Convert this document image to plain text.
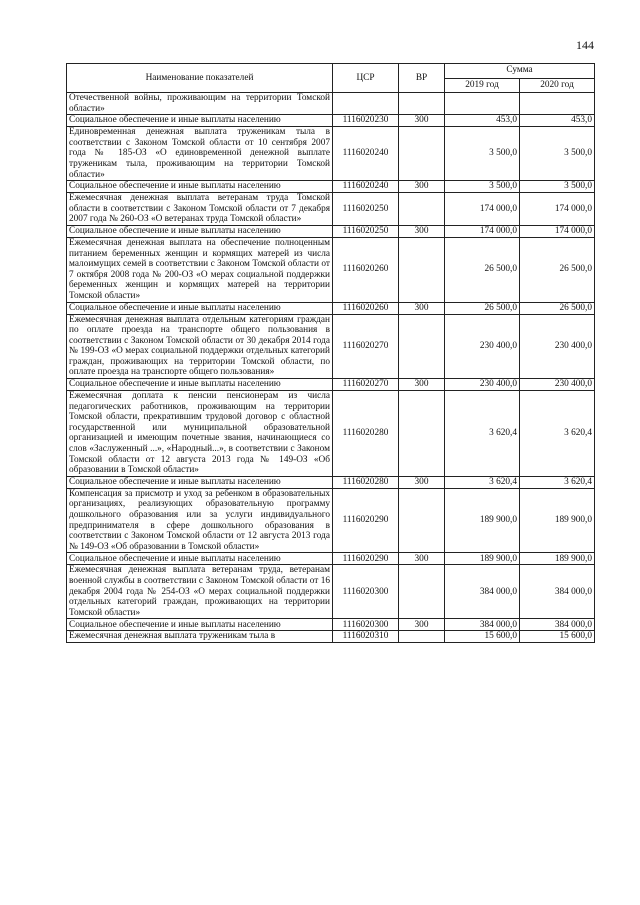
144
Наименование показателей	ЦСР	ВР	Сумма	
			2019 год	2020 год
Отечественной войны, проживающим на территории Томской области»				
Социальное обеспечение и иные выплаты населению	1116020230	300	453,0	453,0
Единовременная денежная выплата труженикам тыла в соответствии с Законом Томской области от 10 сентября 2007 года № 185-ОЗ «О единовременной денежной выплате труженикам тыла, проживающим на территории Томской области»	1116020240		3 500,0	3 500,0
Социальное обеспечение и иные выплаты населению	1116020240	300	3 500,0	3 500,0
Ежемесячная денежная выплата ветеранам труда Томской области в соответствии с Законом Томской области от 7 декабря 2007 года № 260-ОЗ «О ветеранах труда Томской области»	1116020250		174 000,0	174 000,0
Социальное обеспечение и иные выплаты населению	1116020250	300	174 000,0	174 000,0
Ежемесячная денежная выплата на обеспечение полноценным питанием беременных женщин и кормящих матерей из числа малоимущих семей в соответствии с Законом Томской области от 7 октября 2008 года № 200-ОЗ «О мерах социальной поддержки беременных женщин и кормящих матерей на территории Томской области»	1116020260		26 500,0	26 500,0
Социальное обеспечение и иные выплаты населению	1116020260	300	26 500,0	26 500,0
Ежемесячная денежная выплата отдельным категориям граждан по оплате проезда на транспорте общего пользования в соответствии с Законом Томской области от 30 декабря 2014 года № 199-ОЗ «О мерах социальной поддержки отдельных категорий граждан, проживающих на территории Томской области, по оплате проезда на транспорте общего пользования»	1116020270		230 400,0	230 400,0
Социальное обеспечение и иные выплаты населению	1116020270	300	230 400,0	230 400,0
Ежемесячная доплата к пенсии пенсионерам из числа педагогических работников, проживающим на территории Томской области, прекратившим трудовой договор с областной государственной или муниципальной образовательной организацией и имеющим почетные звания, начинающиеся со слов «Заслуженный ...», «Народный...», в соответствии с Законом Томской области от 12 августа 2013 года № 149-ОЗ «Об образовании в Томской области»	1116020280		3 620,4	3 620,4
Социальное обеспечение и иные выплаты населению	1116020280	300	3 620,4	3 620,4
Компенсация за присмотр и уход за ребенком в образовательных организациях, реализующих образовательную программу дошкольного образования или за услуги индивидуального предпринимателя в сфере дошкольного образования в соответствии с Законом Томской области от 12 августа 2013 года № 149-ОЗ «Об образовании в Томской области»	1116020290		189 900,0	189 900,0
Социальное обеспечение и иные выплаты населению	1116020290	300	189 900,0	189 900,0
Ежемесячная денежная выплата ветеранам труда, ветеранам военной службы в соответствии с Законом Томской области от 16 декабря 2004 года № 254-ОЗ «О мерах социальной поддержки отдельных категорий граждан, проживающих на территории Томской области»	1116020300		384 000,0	384 000,0
Социальное обеспечение и иные выплаты населению	1116020300	300	384 000,0	384 000,0
Ежемесячная денежная выплата труженикам тыла в	1116020310		15 600,0	15 600,0
